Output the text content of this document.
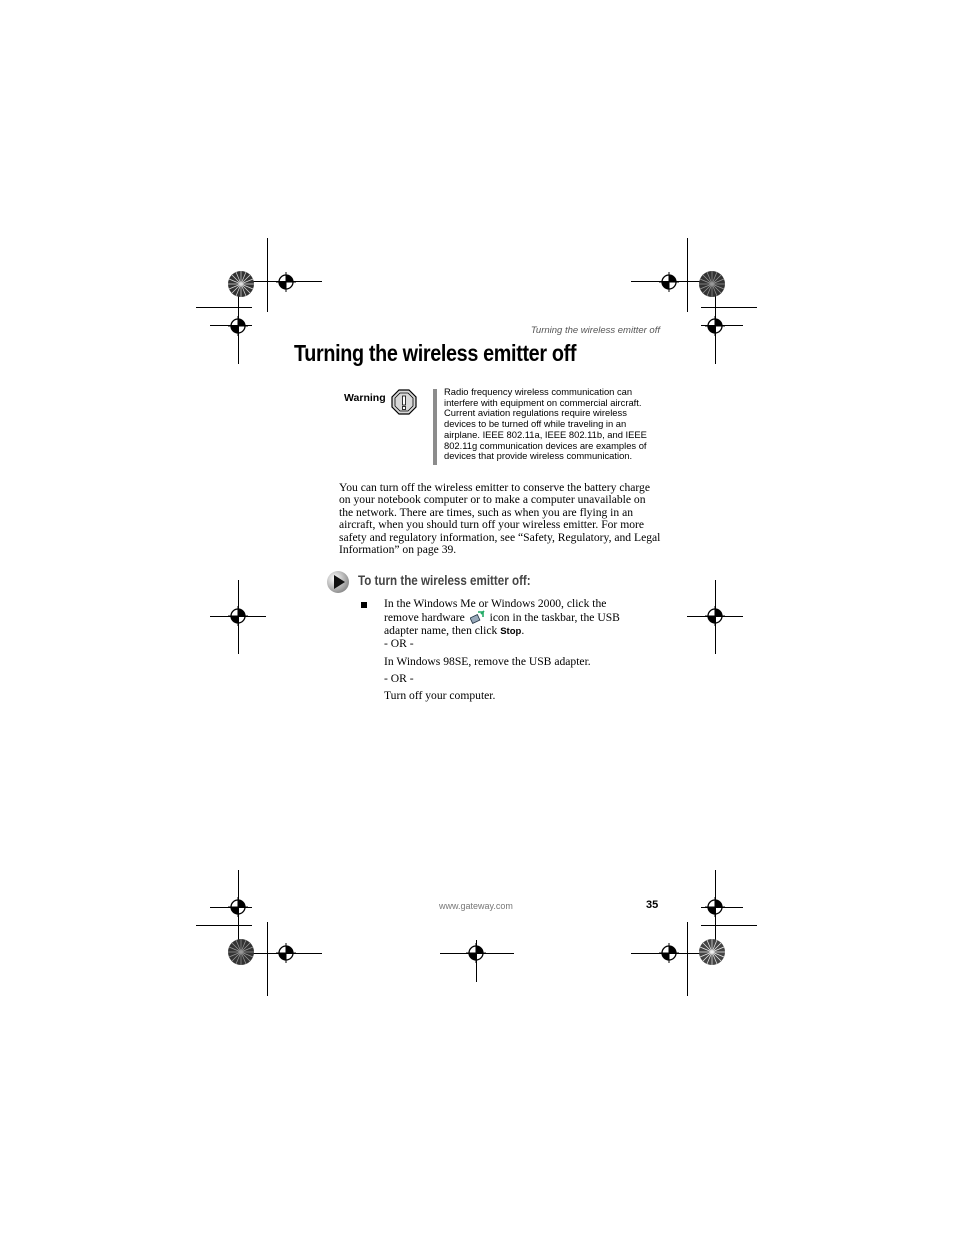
Turning the wireless emitter off
Turning the wireless emitter off
Warning
Radio frequency wireless communication can interfere with equipment on commercial aircraft. Current aviation regulations require wireless devices to be turned off while traveling in an airplane. IEEE 802.11a, IEEE 802.11b, and IEEE 802.11g communication devices are examples of devices that provide wireless communication.
You can turn off the wireless emitter to conserve the battery charge on your notebook computer or to make a computer unavailable on the network. There are times, such as when you are flying in an aircraft, when you should turn off your wireless emitter. For more safety and regulatory information, see “Safety, Regulatory, and Legal Information” on page 39.
To turn the wireless emitter off:
In the Windows Me or Windows 2000, click the remove hardware icon in the taskbar, the USB adapter name, then click Stop.
- OR -
In Windows 98SE, remove the USB adapter.
- OR -
Turn off your computer.
www.gateway.com	35
